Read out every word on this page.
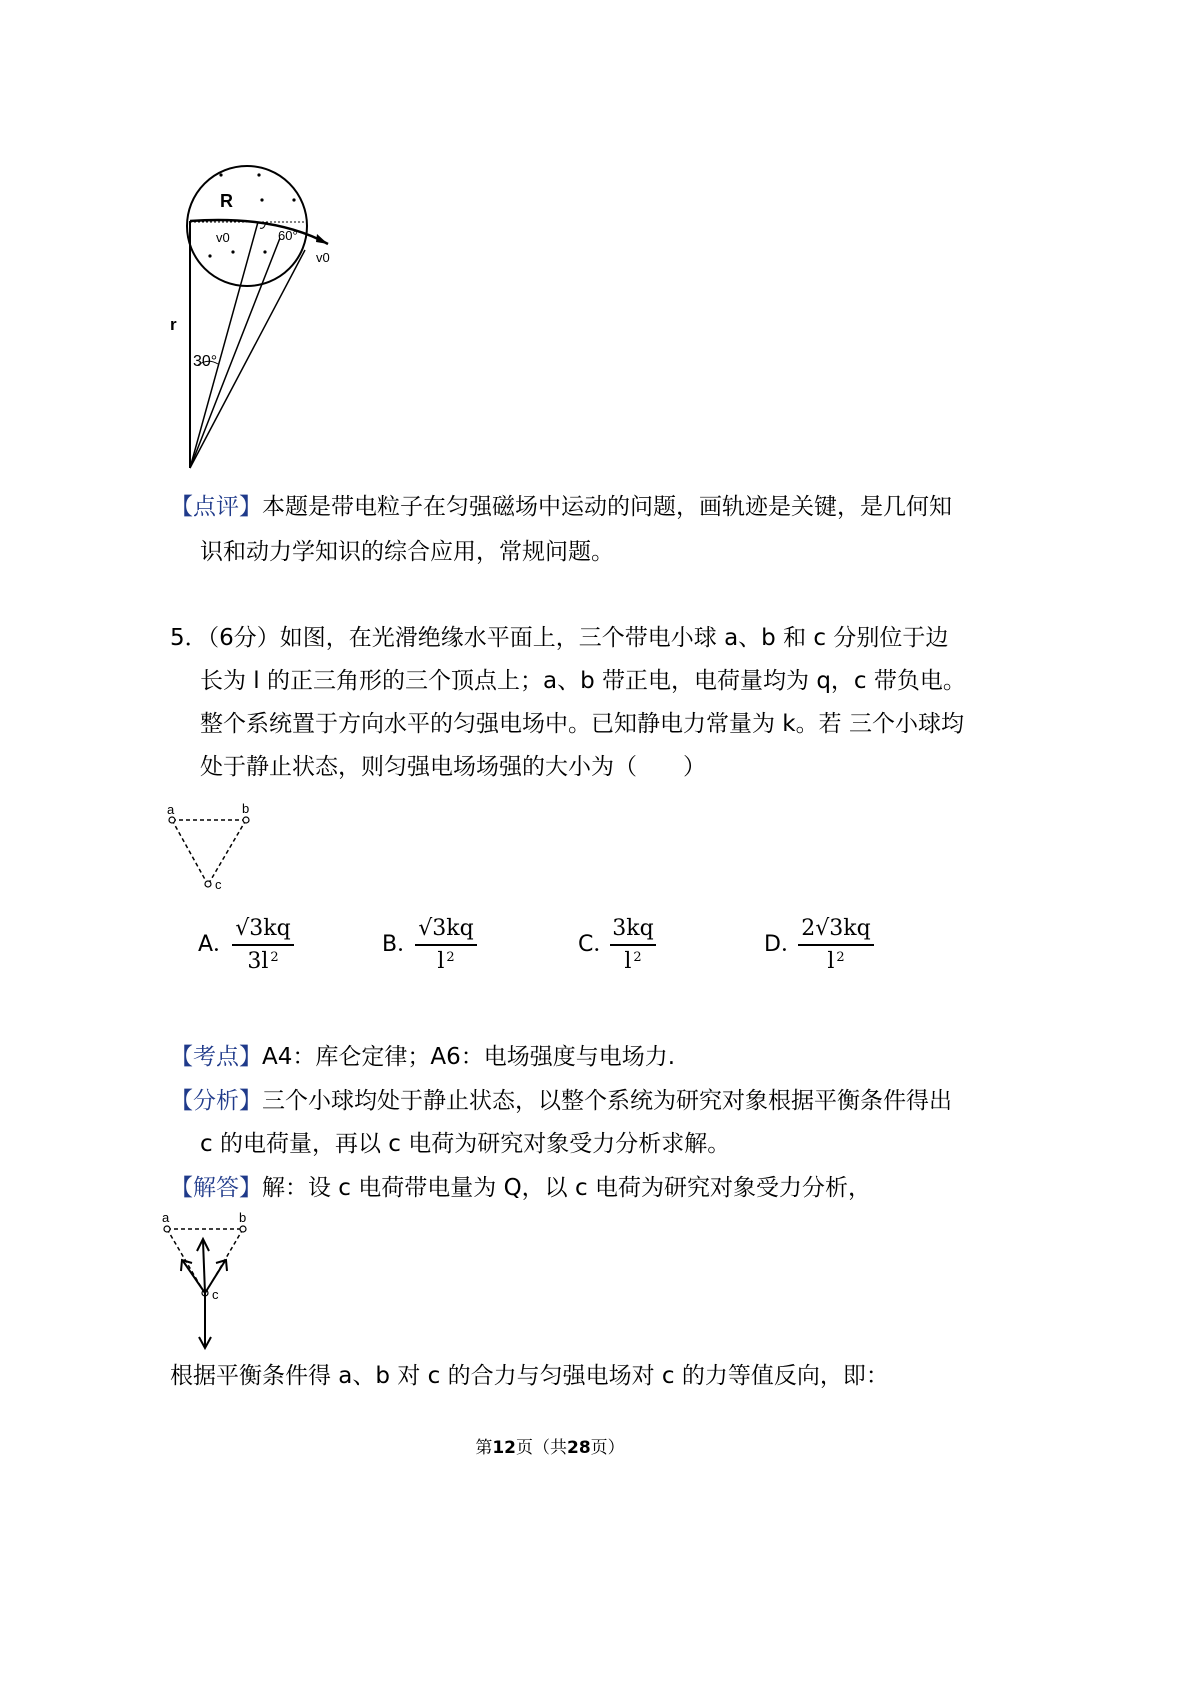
R
v0	60°
v0
r
30°
【点评】本题是带电粒子在匀强磁场中运动的问题，画轨迹是关键，是几何知
识和动力学知识的综合应用，常规问题。
5．（6分）如图，在光滑绝缘水平面上，三个带电小球 a、b 和 c 分别位于边
长为 l 的正三角形的三个顶点上；a、b 带正电，电荷量均为 q，c 带负电。
整个系统置于方向水平的匀强电场中。已知静电力常量为 k。若 三个小球均
处于静止状态，则匀强电场场强的大小为（　　）
a	b
c
A．
√3kq
3l $^2$
B．
√3kq
l $^2$
C．
3kq
l $^2$
D．
2√3kq
l $^2$
【考点】A4：库仑定律；A6：电场强度与电场力.
【分析】三个小球均处于静止状态，以整个系统为研究对象根据平衡条件得出
c 的电荷量，再以 c 电荷为研究对象受力分析求解。
【解答】解：设 c 电荷带电量为 Q，以 c 电荷为研究对象受力分析，
a	b
c
根据平衡条件得 a、b 对 c 的合力与匀强电场对 c 的力等值反向，即：
第12页（共28页）
